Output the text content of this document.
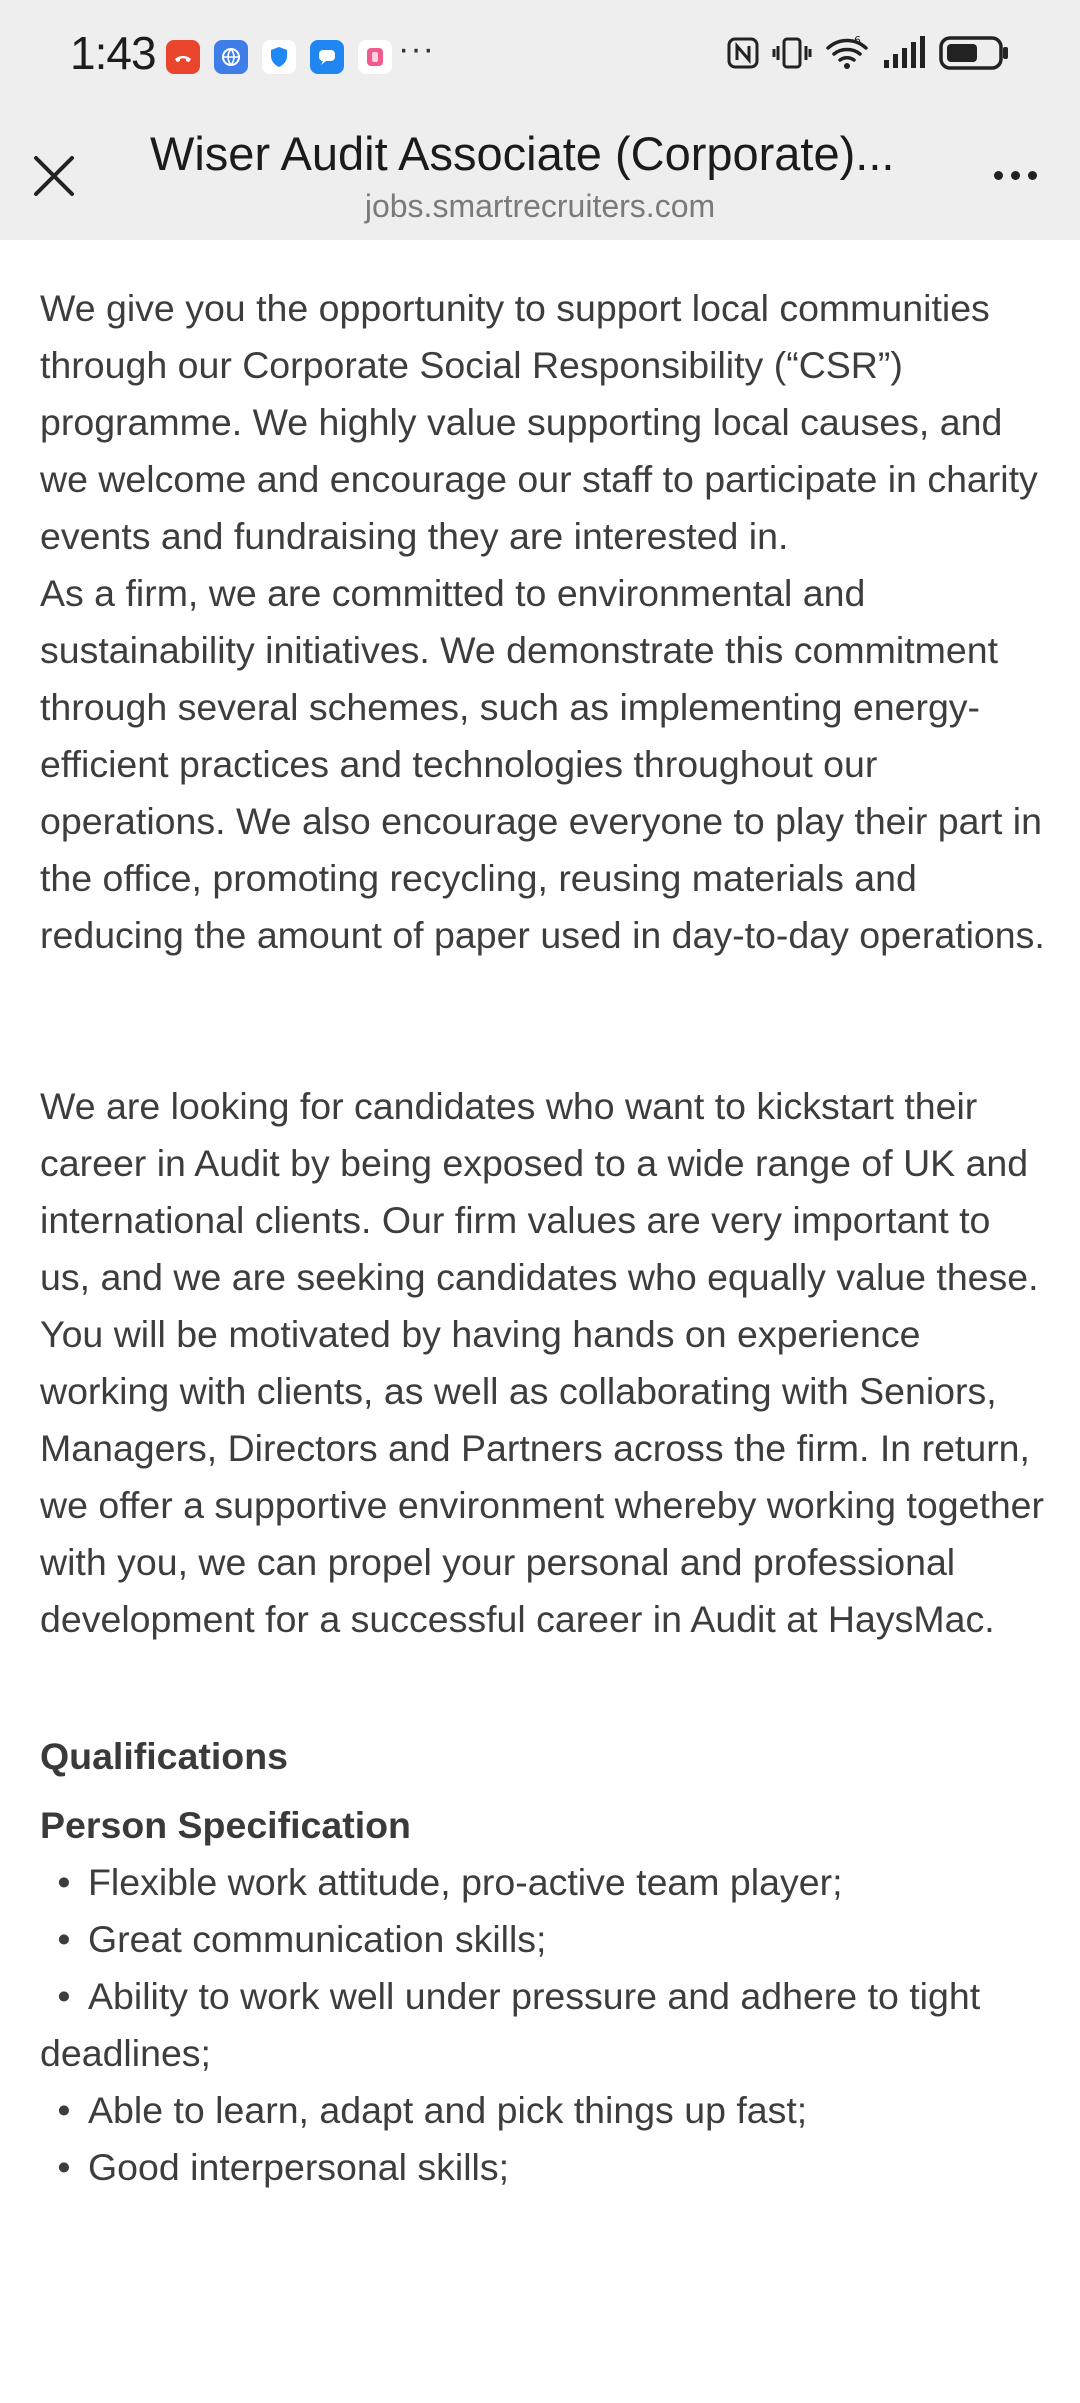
1:43	···	6
Wiser Audit Associate (Corporate)...
jobs.smartrecruiters.com

We give you the opportunity to support local communities through our Corporate Social Responsibility (“CSR”) programme. We highly value supporting local causes, and we welcome and encourage our staff to participate in charity events and fundraising they are interested in.

As a firm, we are committed to environmental and sustainability initiatives. We demonstrate this commitment through several schemes, such as implementing energy-efficient practices and technologies throughout our operations. We also encourage everyone to play their part in the office, promoting recycling, reusing materials and reducing the amount of paper used in day-to-day operations.

We are looking for candidates who want to kickstart their career in Audit by being exposed to a wide range of UK and international clients. Our firm values are very important to us, and we are seeking candidates who equally value these. You will be motivated by having hands on experience working with clients, as well as collaborating with Seniors, Managers, Directors and Partners across the firm. In return, we offer a supportive environment whereby working together with you, we can propel your personal and professional development for a successful career in Audit at HaysMac.

Qualifications

Person Specification

• Flexible work attitude, pro-active team player;
• Great communication skills;
• Ability to work well under pressure and adhere to tight deadlines;
• Able to learn, adapt and pick things up fast;
• Good interpersonal skills;
